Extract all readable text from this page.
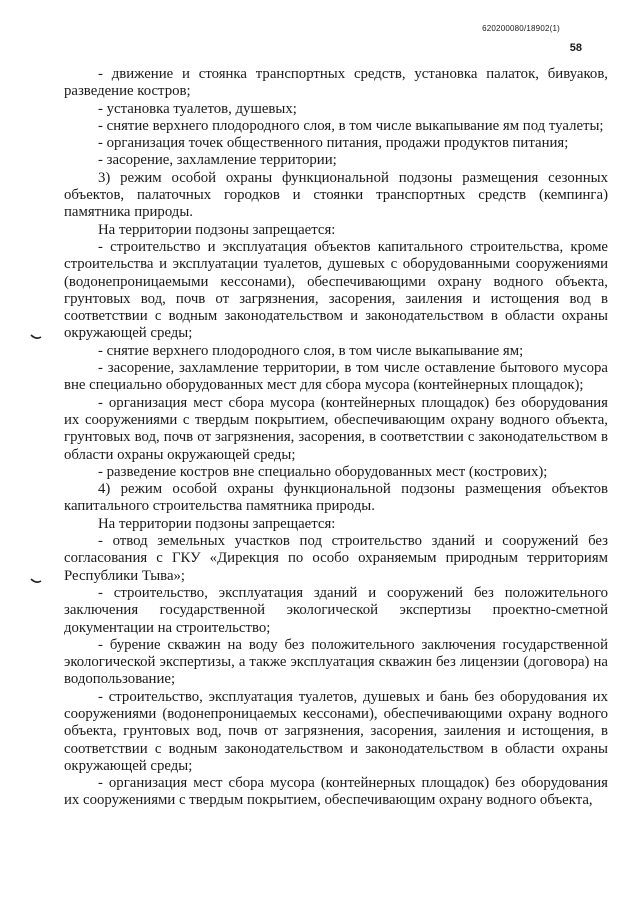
620200080/18902(1)
58

- движение и стоянка транспортных средств, установка палаток, бивуаков, разведение костров;

- установка туалетов, душевых;

- снятие верхнего плодородного слоя, в том числе выкапывание ям под туалеты;

- организация точек общественного питания, продажи продуктов питания;

- засорение, захламление территории;

3) режим особой охраны функциональной подзоны размещения сезонных объектов, палаточных городков и стоянки транспортных средств (кемпинга) памятника природы.

На территории подзоны запрещается:

- строительство и эксплуатация объектов капитального строительства, кроме строительства и эксплуатации туалетов, душевых с оборудованными сооружениями (водонепроницаемыми кессонами), обеспечивающими охрану водного объекта, грунтовых вод, почв от загрязнения, засорения, заиления и истощения вод в соответствии с водным законодательством и законодательством в области охраны окружающей среды;

- снятие верхнего плодородного слоя, в том числе выкапывание ям;

- засорение, захламление территории, в том числе оставление бытового мусора вне специально оборудованных мест для сбора мусора (контейнерных площадок);

- организация мест сбора мусора (контейнерных площадок) без оборудования их сооружениями с твердым покрытием, обеспечивающим охрану водного объекта, грунтовых вод, почв от загрязнения, засорения, в соответствии с законодательством в области охраны окружающей среды;

- разведение костров вне специально оборудованных мест (кострових);

4) режим особой охраны функциональной подзоны размещения объектов капитального строительства памятника природы.

На территории подзоны запрещается:

- отвод земельных участков под строительство зданий и сооружений без согласования с ГКУ «Дирекция по особо охраняемым природным территориям Республики Тыва»;

- строительство, эксплуатация зданий и сооружений без положительного заключения государственной экологической экспертизы проектно-сметной документации на строительство;

- бурение скважин на воду без положительного заключения государственной экологической экспертизы, а также эксплуатация скважин без лицензии (договора) на водопользование;

- строительство, эксплуатация туалетов, душевых и бань без оборудования их сооружениями (водонепроницаемых кессонами), обеспечивающими охрану водного объекта, грунтовых вод, почв от загрязнения, засорения, заиления и истощения, в соответствии с водным законодательством и законодательством в области охраны окружающей среды;

- организация мест сбора мусора (контейнерных площадок) без оборудования их сооружениями с твердым покрытием, обеспечивающим охрану водного объекта,
